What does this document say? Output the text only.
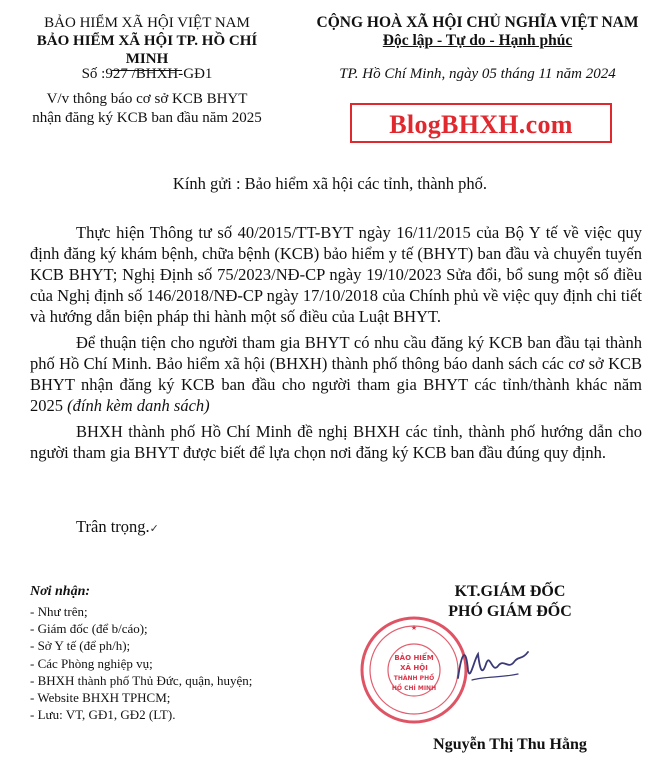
BẢO HIỂM XÃ HỘI VIỆT NAM
BẢO HIỂM XÃ HỘI TP. HỒ CHÍ MINH
CỘNG HOÀ XÃ HỘI CHỦ NGHĨA VIỆT NAM
Độc lập - Tự do - Hạnh phúc
Số :927 /BHXH-GĐ1	TP. Hồ Chí Minh, ngày 05 tháng 11 năm 2024
V/v thông báo cơ sở KCB BHYT
nhận đăng ký KCB ban đầu năm 2025	BlogBHXH.com
Kính gửi : Bảo hiểm xã hội các tỉnh, thành phố.

Thực hiện Thông tư số 40/2015/TT-BYT ngày 16/11/2015 của Bộ Y tế về việc quy định đăng ký khám bệnh, chữa bệnh (KCB) bảo hiểm y tế (BHYT) ban đầu và chuyển tuyến KCB BHYT; Nghị Định số 75/2023/NĐ-CP ngày 19/10/2023 Sửa đổi, bổ sung một số điều của Nghị định số 146/2018/NĐ-CP ngày 17/10/2018 của Chính phủ về việc quy định chi tiết và hướng dẫn biện pháp thi hành một số điều của Luật BHYT.

Để thuận tiện cho người tham gia BHYT có nhu cầu đăng ký KCB ban đầu tại thành phố Hồ Chí Minh. Bảo hiểm xã hội (BHXH) thành phố thông báo danh sách các cơ sở KCB BHYT nhận đăng ký KCB ban đầu cho người tham gia BHYT các tỉnh/thành khác năm 2025 (đính kèm danh sách)

BHXH thành phố Hồ Chí Minh đề nghị BHXH các tỉnh, thành phố hướng dẫn cho người tham gia BHYT được biết để lựa chọn nơi đăng ký KCB ban đầu đúng quy định.

Trân trọng.✓
Nơi nhận:
- Như trên;
- Giám đốc (để b/cáo);
- Sở Y tế (để ph/h);
- Các Phòng nghiệp vụ;
- BHXH thành phố Thủ Đức, quận, huyện;
- Website BHXH TPHCM;
- Lưu: VT, GĐ1, GĐ2 (LT).
KT.GIÁM ĐỐC
PHÓ GIÁM ĐỐC
BẢO HIỂM
XÃ HỘI
THÀNH PHỐ
HỒ CHÍ MINH
★
Nguyễn Thị Thu Hằng
